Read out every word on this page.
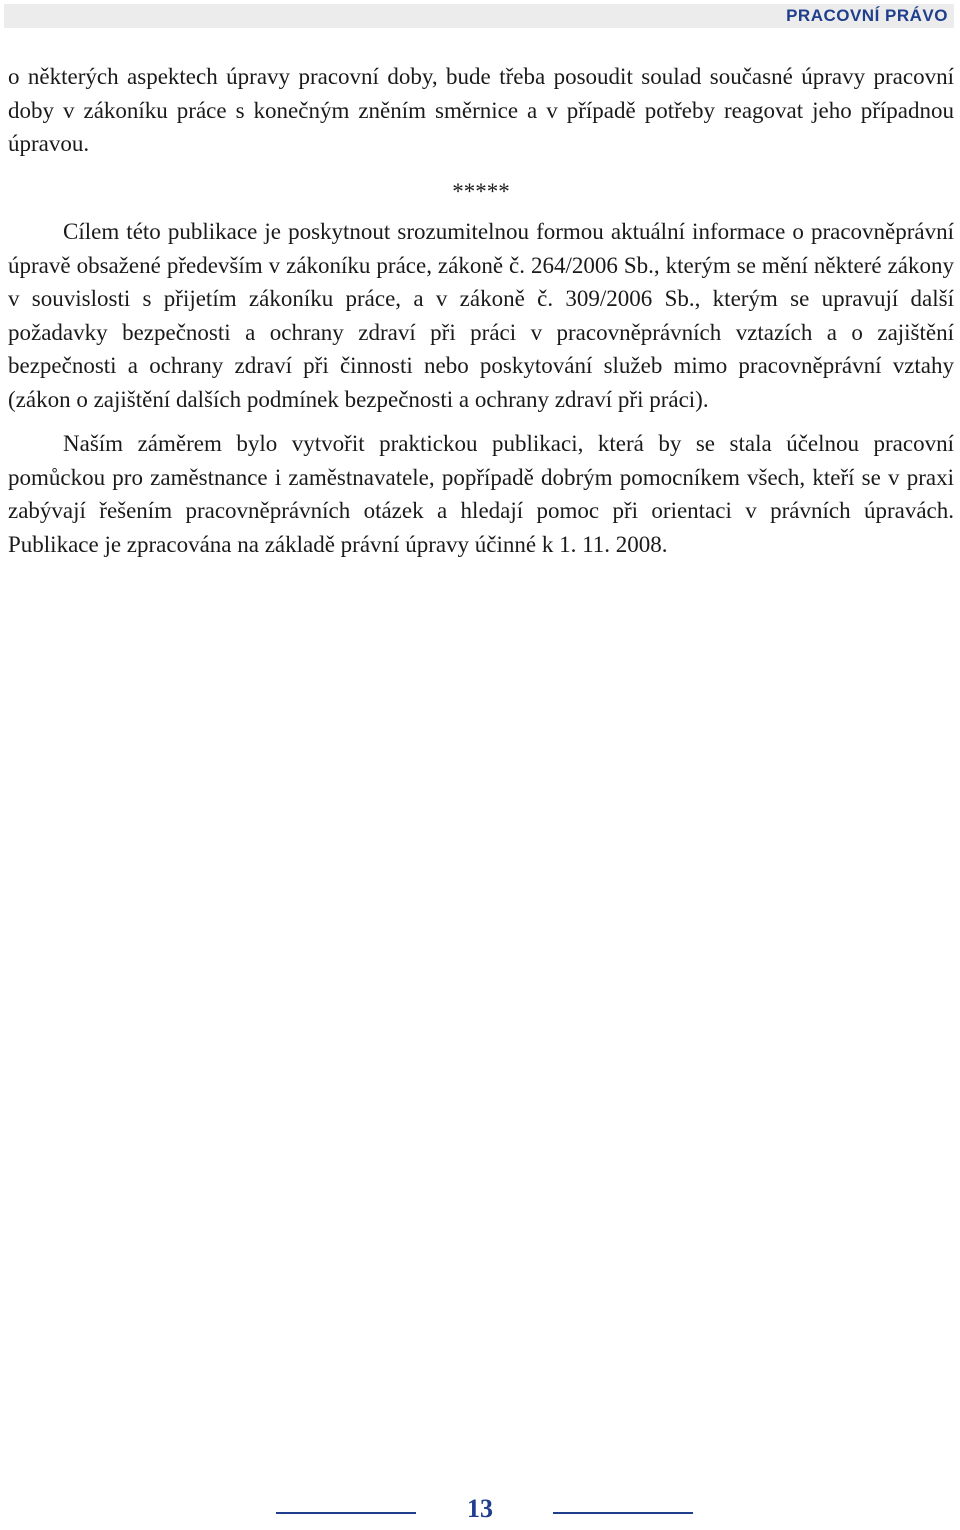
PRACOVNÍ PRÁVO

o některých aspektech úpravy pracovní doby, bude třeba posoudit soulad současné úpravy pracovní doby v zákoníku práce s konečným zněním směrnice a v případě potřeby reagovat jeho případnou úpravou.

*****

Cílem této publikace je poskytnout srozumitelnou formou aktuální informace o pracovněprávní úpravě obsažené především v zákoníku práce, zákoně č. 264/2006 Sb., kterým se mění některé zákony v souvislosti s přijetím zákoníku práce, a v zákoně č. 309/2006 Sb., kterým se upravují další požadavky bezpečnosti a ochrany zdraví při práci v pracovněprávních vztazích a o zajištění bezpečnosti a ochrany zdraví při činnosti nebo poskytování služeb mimo pracovněprávní vztahy (zákon o zajištění dalších podmínek bezpečnosti a ochrany zdraví při práci).

Naším záměrem bylo vytvořit praktickou publikaci, která by se stala účelnou pracovní pomůckou pro zaměstnance i zaměstnavatele, popřípadě dobrým pomocníkem všech, kteří se v praxi zabývají řešením pracovněprávních otázek a hledají pomoc při orientaci v právních úpravách. Publikace je zpracována na základě právní úpravy účinné k 1. 11. 2008.

13
